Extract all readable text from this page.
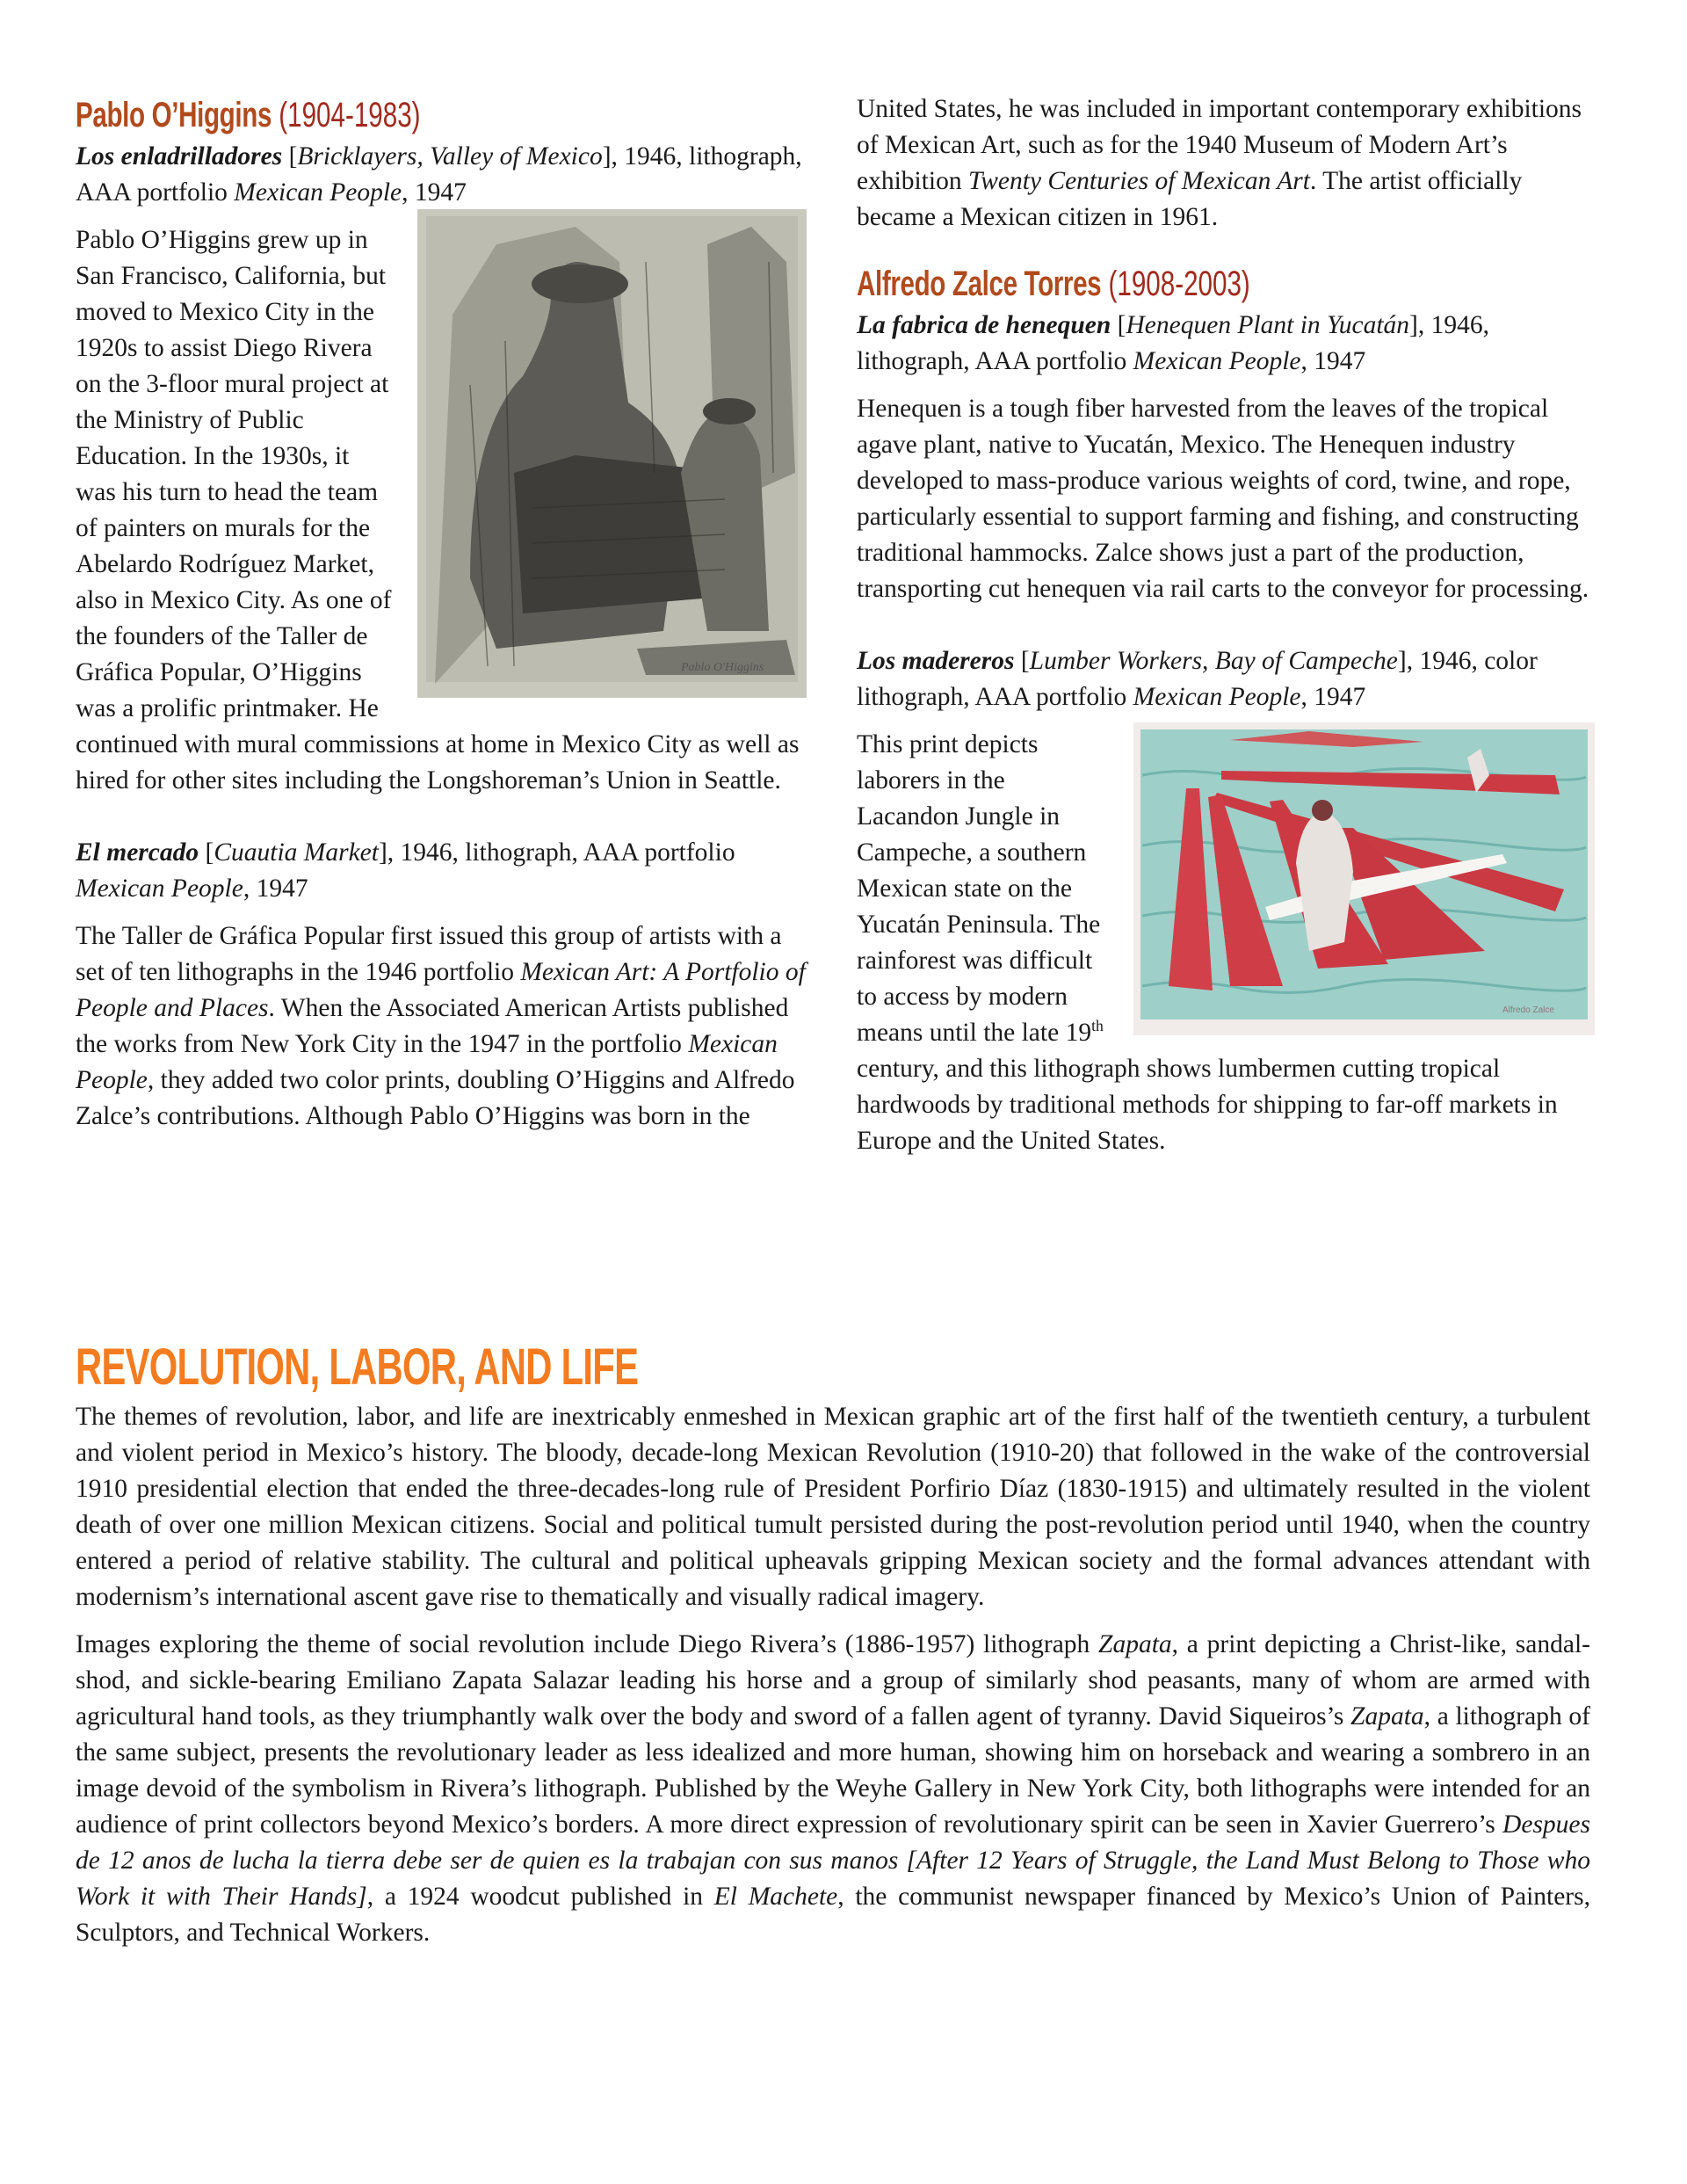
Pablo O’Higgins (1904-1983)

Los enladrilladores [Bricklayers, Valley of Mexico], 1946, lithograph, AAA portfolio Mexican People, 1947

Pablo O'Higgins

Pablo O’Higgins grew up in San Francisco, California, but moved to Mexico City in the 1920s to assist Diego Rivera on the 3-floor mural project at the Ministry of Public Education. In the 1930s, it was his turn to head the team of painters on murals for the Abelardo Rodríguez Market, also in Mexico City. As one of the founders of the Taller de Gráfica Popular, O’Higgins was a prolific printmaker. He continued with mural commissions at home in Mexico City as well as hired for other sites including the Longshoreman’s Union in Seattle.

El mercado [Cuautia Market], 1946, lithograph, AAA portfolio Mexican People, 1947

The Taller de Gráfica Popular first issued this group of artists with a set of ten lithographs in the 1946 portfolio Mexican Art: A Portfolio of People and Places. When the Associated American Artists published the works from New York City in the 1947 in the portfolio Mexican People, they added two color prints, doubling O’Higgins and Alfredo Zalce’s contributions. Although Pablo O’Higgins was born in the

United States, he was included in important contemporary exhibitions of Mexican Art, such as for the 1940 Museum of Modern Art’s exhibition Twenty Centuries of Mexican Art. The artist officially became a Mexican citizen in 1961.

Alfredo Zalce Torres (1908-2003)

La fabrica de henequen [Henequen Plant in Yucatán], 1946, lithograph, AAA portfolio Mexican People, 1947

Henequen is a tough fiber harvested from the leaves of the tropical agave plant, native to Yucatán, Mexico. The Henequen industry developed to mass-produce various weights of cord, twine, and rope, particularly essential to support farming and fishing, and constructing traditional hammocks. Zalce shows just a part of the production, transporting cut henequen via rail carts to the conveyor for processing.

Los madereros [Lumber Workers, Bay of Campeche], 1946, color lithograph, AAA portfolio Mexican People, 1947

Alfredo Zalce

This print depicts laborers in the Lacandon Jungle in Campeche, a southern Mexican state on the Yucatán Peninsula. The rainforest was difficult to access by modern means until the late 19th century, and this lithograph shows lumbermen cutting tropical hardwoods by traditional methods for shipping to far-off markets in Europe and the United States.

REVOLUTION, LABOR, AND LIFE

The themes of revolution, labor, and life are inextricably enmeshed in Mexican graphic art of the first half of the twentieth century, a turbulent and violent period in Mexico’s history. The bloody, decade-long Mexican Revolution (1910-20) that followed in the wake of the controversial 1910 presidential election that ended the three-decades-long rule of President Porfirio Díaz (1830-1915) and ultimately resulted in the violent death of over one million Mexican citizens. Social and political tumult persisted during the post-revolution period until 1940, when the country entered a period of relative stability. The cultural and political upheavals gripping Mexican society and the formal advances attendant with modernism’s international ascent gave rise to thematically and visually radical imagery.

Images exploring the theme of social revolution include Diego Rivera’s (1886-1957) lithograph Zapata, a print depicting a Christ-like, sandal-shod, and sickle-bearing Emiliano Zapata Salazar leading his horse and a group of similarly shod peasants, many of whom are armed with agricultural hand tools, as they triumphantly walk over the body and sword of a fallen agent of tyranny. David Siqueiros’s Zapata, a lithograph of the same subject, presents the revolutionary leader as less idealized and more human, showing him on horseback and wearing a sombrero in an image devoid of the symbolism in Rivera’s lithograph. Published by the Weyhe Gallery in New York City, both lithographs were intended for an audience of print collectors beyond Mexico’s borders. A more direct expression of revolutionary spirit can be seen in Xavier Guerrero’s Despues de 12 anos de lucha la tierra debe ser de quien es la trabajan con sus manos [After 12 Years of Struggle, the Land Must Belong to Those who Work it with Their Hands], a 1924 woodcut published in El Machete, the communist newspaper financed by Mexico’s Union of Painters, Sculptors, and Technical Workers.
